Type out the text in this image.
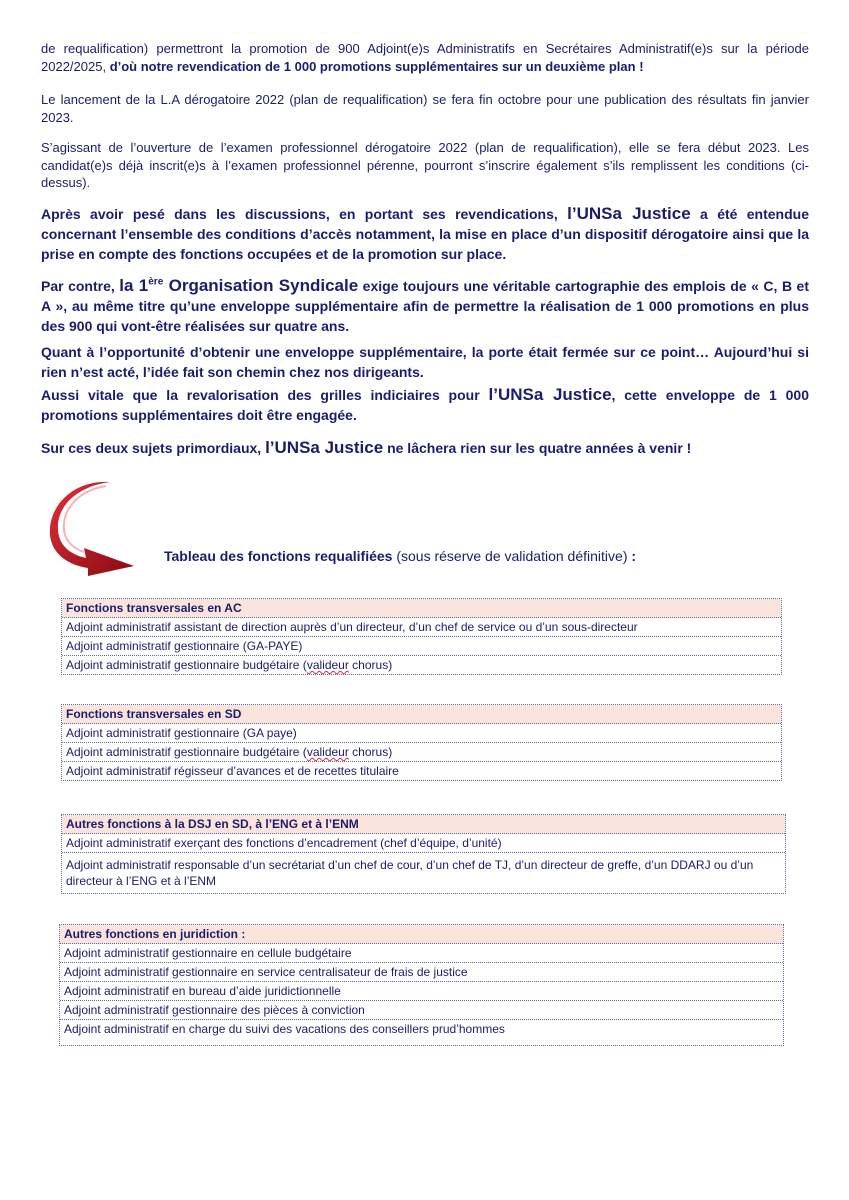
de requalification) permettront la promotion de 900 Adjoint(e)s Administratifs en Secrétaires Administratif(e)s sur la période 2022/2025, d’où notre revendication de 1 000 promotions supplémentaires sur un deuxième plan !

Le lancement de la L.A dérogatoire 2022 (plan de requalification) se fera fin octobre pour une publication des résultats fin janvier 2023.

S’agissant de l’ouverture de l’examen professionnel dérogatoire 2022 (plan de requalification), elle se fera début 2023. Les candidat(e)s déjà inscrit(e)s à l’examen professionnel pérenne, pourront s’inscrire également s’ils remplissent les conditions (ci-dessus).

Après avoir pesé dans les discussions, en portant ses revendications, l’UNSa Justice a été entendue concernant l’ensemble des conditions d’accès notamment, la mise en place d’un dispositif dérogatoire ainsi que la prise en compte des fonctions occupées et de la promotion sur place.

Par contre, la 1ère Organisation Syndicale exige toujours une véritable cartographie des emplois de « C, B et A », au même titre qu’une enveloppe supplémentaire afin de permettre la réalisation de 1 000 promotions en plus des 900 qui vont-être réalisées sur quatre ans.

Quant à l’opportunité d’obtenir une enveloppe supplémentaire, la porte était fermée sur ce point… Aujourd’hui si rien n’est acté, l’idée fait son chemin chez nos dirigeants.

Aussi vitale que la revalorisation des grilles indiciaires pour l’UNSa Justice, cette enveloppe de 1 000 promotions supplémentaires doit être engagée.

Sur ces deux sujets primordiaux, l’UNSa Justice ne lâchera rien sur les quatre années à venir !

Tableau des fonctions requalifiées (sous réserve de validation définitive) :
Fonctions transversales en AC
Adjoint administratif assistant de direction auprès d’un directeur, d’un chef de service ou d’un sous-directeur
Adjoint administratif gestionnaire (GA-PAYE)
Adjoint administratif gestionnaire budgétaire (valideur chorus)
Fonctions transversales en SD
Adjoint administratif gestionnaire (GA paye)
Adjoint administratif gestionnaire budgétaire (valideur chorus)
Adjoint administratif régisseur d’avances et de recettes titulaire
Autres fonctions à la DSJ en SD, à l’ENG et à l’ENM
Adjoint administratif exerçant des fonctions d’encadrement (chef d’équipe, d’unité)
Adjoint administratif responsable d’un secrétariat d’un chef de cour, d’un chef de TJ, d’un directeur de greffe, d’un DDARJ ou d’un directeur à l’ENG et à l’ENM
Autres fonctions en juridiction :
Adjoint administratif gestionnaire en cellule budgétaire
Adjoint administratif gestionnaire en service centralisateur de frais de justice
Adjoint administratif en bureau d’aide juridictionnelle
Adjoint administratif gestionnaire des pièces à conviction
Adjoint administratif en charge du suivi des vacations des conseillers prud’hommes
